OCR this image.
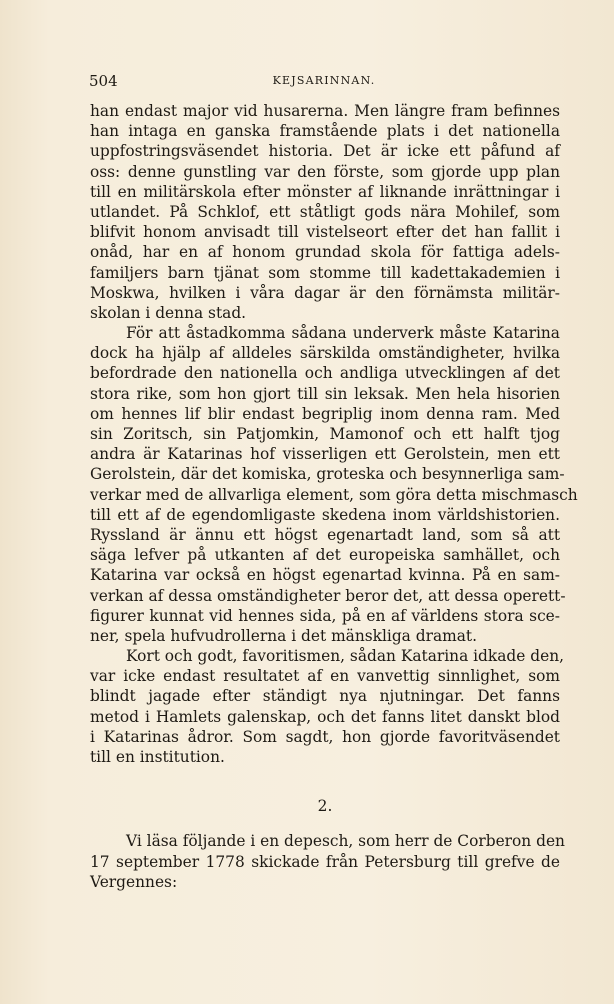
504	KEJSARINNAN.
han endast major vid husarerna. Men längre fram befinnes
han intaga en ganska framstående plats i det nationella
uppfostringsväsendet historia. Det är icke ett påfund af
oss: denne gunstling var den förste, som gjorde upp plan
till en militärskola efter mönster af liknande inrättningar i
utlandet. På Schklof, ett ståtligt gods nära Mohilef, som
blifvit honom anvisadt till vistelseort efter det han fallit i
onåd, har en af honom grundad skola för fattiga adels-
familjers barn tjänat som stomme till kadettakademien i
Moskwa, hvilken i våra dagar är den förnämsta militär-
skolan i denna stad.
För att åstadkomma sådana underverk måste Katarina
dock ha hjälp af alldeles särskilda omständigheter, hvilka
befordrade den nationella och andliga utvecklingen af det
stora rike, som hon gjort till sin leksak. Men hela hisorien
om hennes lif blir endast begriplig inom denna ram. Med
sin Zoritsch, sin Patjomkin, Mamonof och ett halft tjog
andra är Katarinas hof visserligen ett Gerolstein, men ett
Gerolstein, där det komiska, groteska och besynnerliga sam-
verkar med de allvarliga element, som göra detta mischmasch
till ett af de egendomligaste skedena inom världshistorien.
Ryssland är ännu ett högst egenartadt land, som så att
säga lefver på utkanten af det europeiska samhället, och
Katarina var också en högst egenartad kvinna. På en sam-
verkan af dessa omständigheter beror det, att dessa operett-
figurer kunnat vid hennes sida, på en af världens stora sce-
ner, spela hufvudrollerna i det mänskliga dramat.
Kort och godt, favoritismen, sådan Katarina idkade den,
var icke endast resultatet af en vanvettig sinnlighet, som
blindt jagade efter ständigt nya njutningar. Det fanns
metod i Hamlets galenskap, och det fanns litet danskt blod
i Katarinas ådror. Som sagdt, hon gjorde favoritväsendet
till en institution.
2.
Vi läsa följande i en depesch, som herr de Corberon den
17 september 1778 skickade från Petersburg till grefve de
Vergennes:
